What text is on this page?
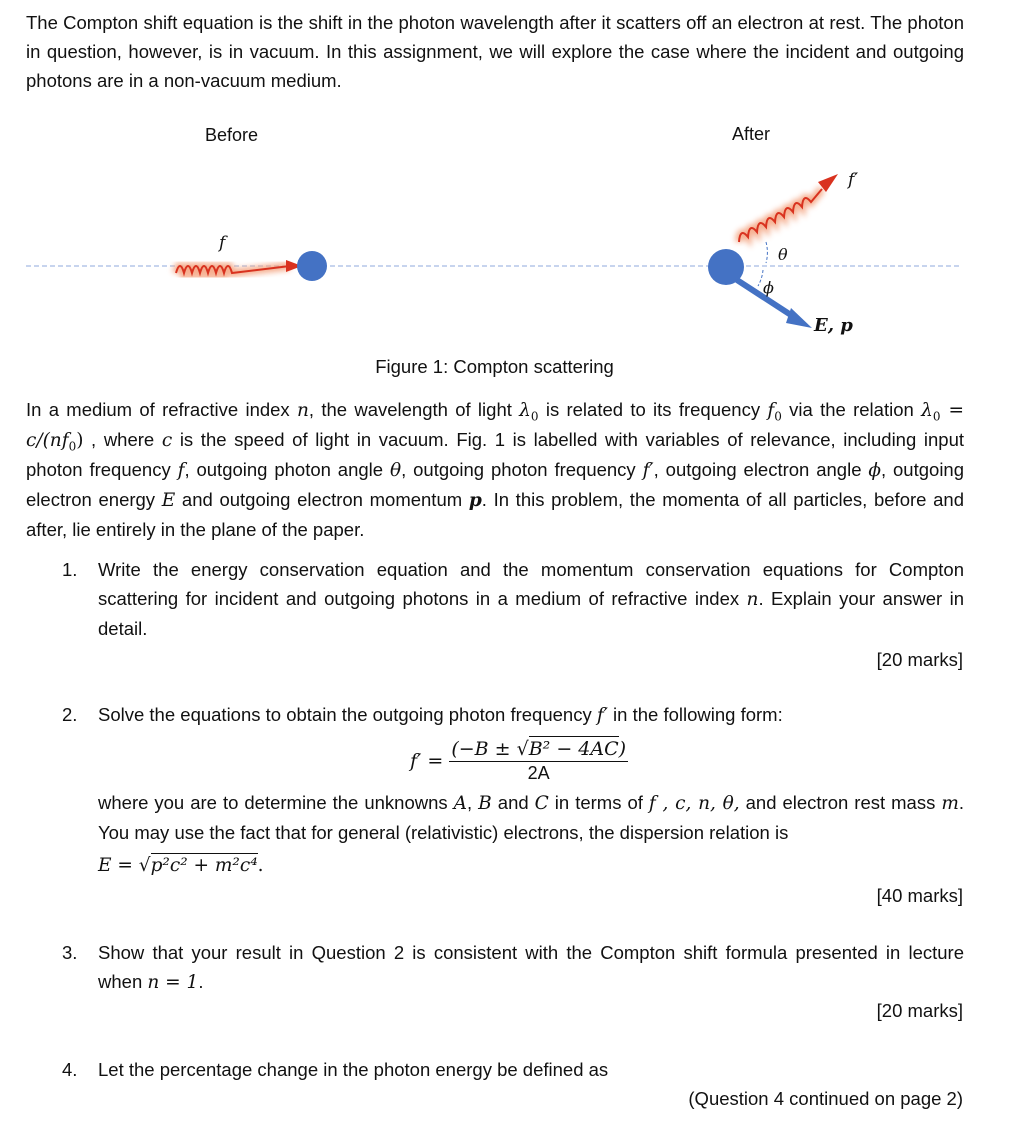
The Compton shift equation is the shift in the photon wavelength after it scatters off an electron at rest. The photon in question, however, is in vacuum. In this assignment, we will explore the case where the incident and outgoing photons are in a non-vacuum medium.

Before	After
f
f′
θ
ϕ
E, p
Figure 1: Compton scattering

In a medium of refractive index n, the wavelength of light $\lambda_0$ is related to its frequency $f_0$ via the relation $\lambda_0 = c/(nf_0)$ , where c is the speed of light in vacuum. Fig. 1 is labelled with variables of relevance, including input photon frequency f, outgoing photon angle θ, outgoing photon frequency f′, outgoing electron angle ϕ, outgoing electron energy E and outgoing electron momentum p. In this problem, the momenta of all particles, before and after, lie entirely in the plane of the paper.

1. Write the energy conservation equation and the momentum conservation equations for Compton scattering for incident and outgoing photons in a medium of refractive index n. Explain your answer in detail.

[20 marks]
2. Solve the equations to obtain the outgoing photon frequency f′ in the following form:

$f' = \frac{\text{(−B ± √B² − 4AC)}}{2A}$

where you are to determine the unknowns A, B and C in terms of f , c, n, θ, and electron rest mass m. You may use the fact that for general (relativistic) electrons, the dispersion relation is

E = √p²c² + m²c⁴.
[40 marks]
3. Show that your result in Question 2 is consistent with the Compton shift formula presented in lecture when n = 1.

[20 marks]
4. Let the percentage change in the photon energy be defined as
(Question 4 continued on page 2)
